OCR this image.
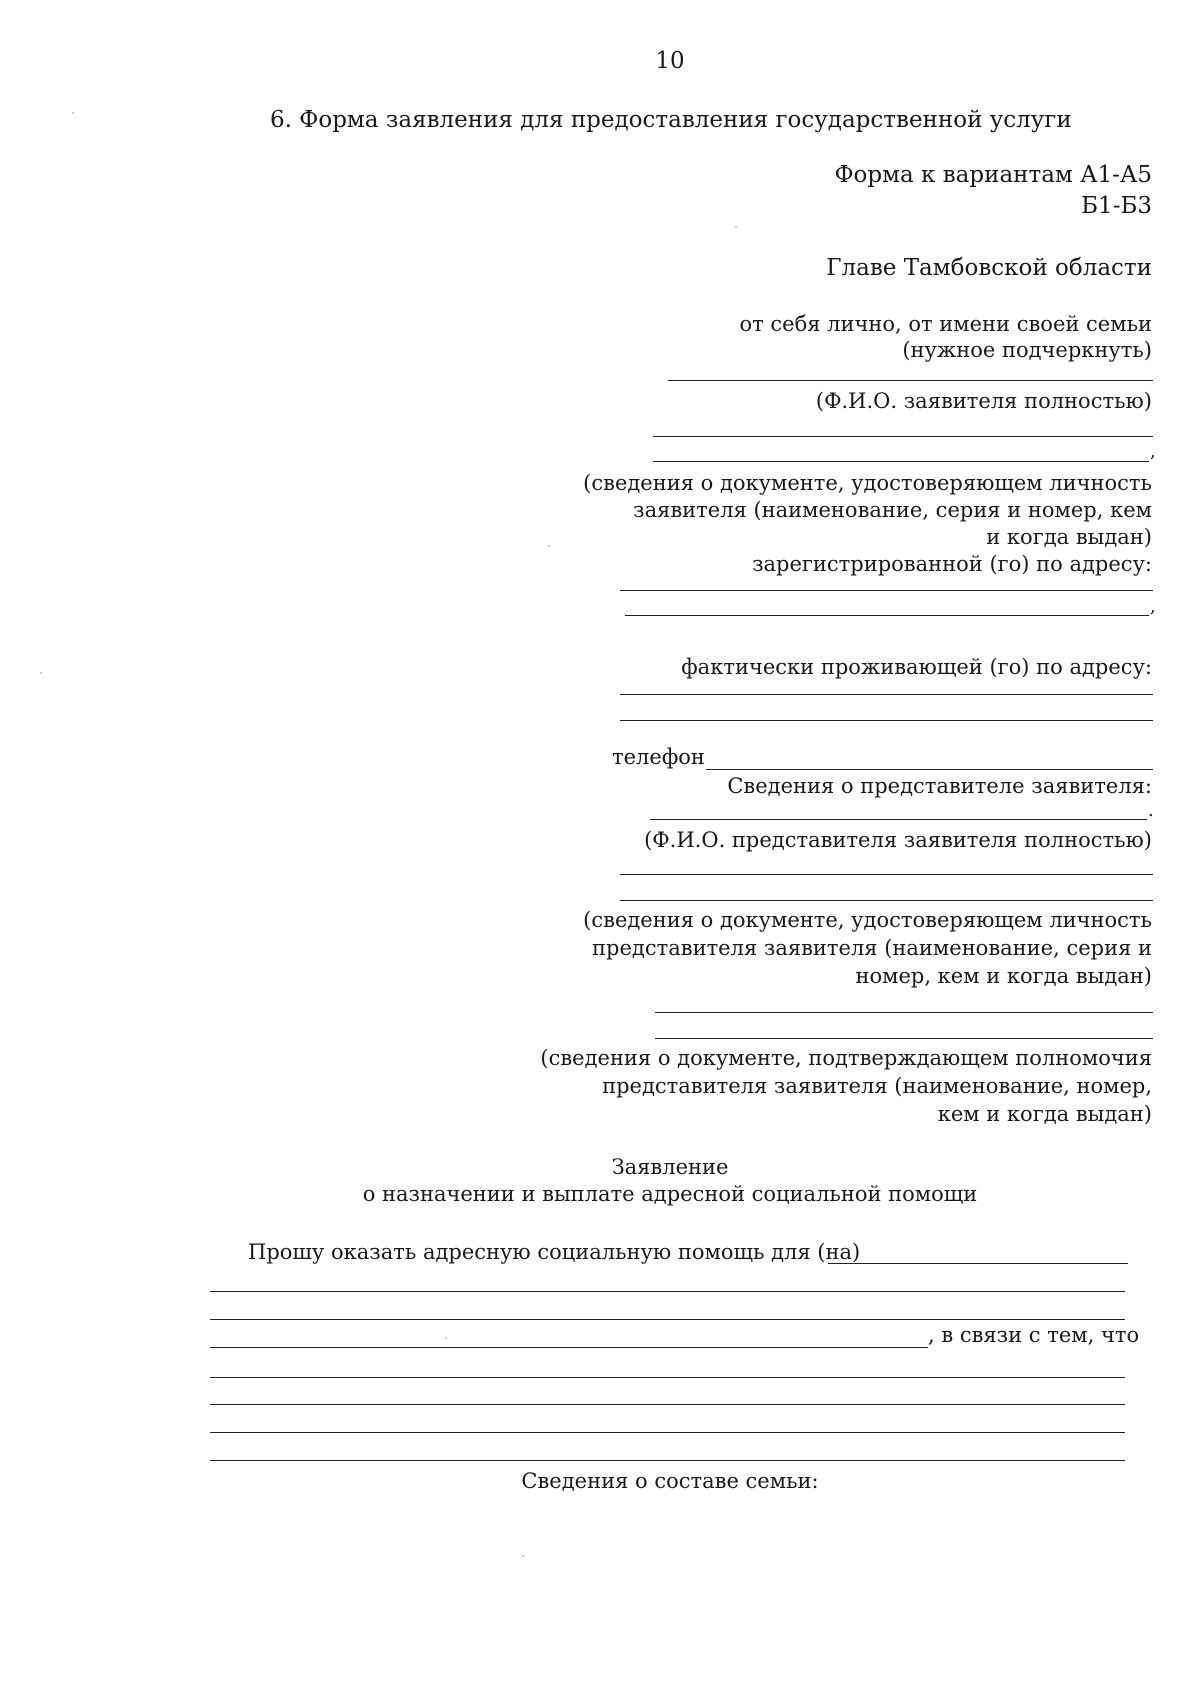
10
6. Форма заявления для предоставления государственной услуги
Форма к вариантам А1-А5
Б1-Б3
Главе Тамбовской области
от себя лично, от имени своей семьи
(нужное подчеркнуть)
(Ф.И.О. заявителя полностью)
,
(сведения о документе, удостоверяющем личность
заявителя (наименование, серия и номер, кем
и когда выдан)
зарегистрированной (го) по адресу:
,
фактически проживающей (го) по адресу:
телефон
Сведения о представителе заявителя:
.
(Ф.И.О. представителя заявителя полностью)
(сведения о документе, удостоверяющем личность
представителя заявителя (наименование, серия и
номер, кем и когда выдан)
(сведения о документе, подтверждающем полномочия
представителя заявителя (наименование, номер,
кем и когда выдан)
Заявление
о назначении и выплате адресной социальной помощи
Прошу оказать адресную социальную помощь для (на)
, в связи с тем, что
Сведения о составе семьи:
